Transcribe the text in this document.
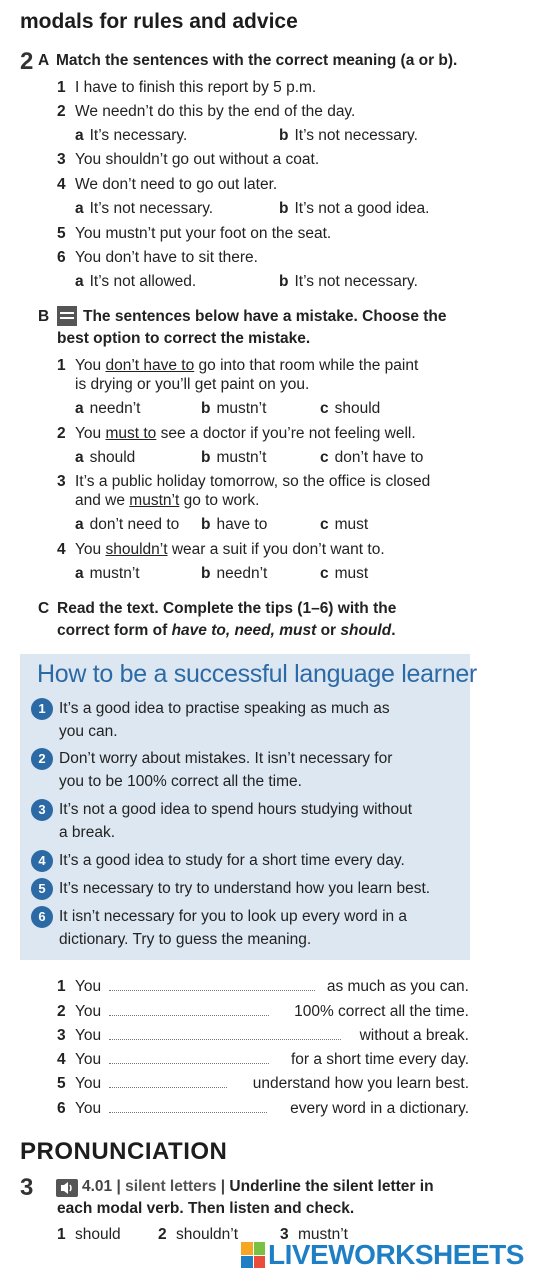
modals for rules and advice
2 A Match the sentences with the correct meaning (a or b).
1 I have to finish this report by 5 p.m.
2 We needn’t do this by the end of the day.
a It’s necessary.	b It’s not necessary.
3 You shouldn’t go out without a coat.
4 We don’t need to go out later.
a It’s not necessary.	b It’s not a good idea.
5 You mustn’t put your foot on the seat.
6 You don’t have to sit there.
a It’s not allowed.	b It’s not necessary.
B The sentences below have a mistake. Choose the
best option to correct the mistake.
1 You don’t have to go into that room while the paint
is drying or you’ll get paint on you.
a needn’t	b mustn’t	c should
2 You must to see a doctor if you’re not feeling well.
a should	b mustn’t	c don’t have to
3 It’s a public holiday tomorrow, so the office is closed
and we mustn’t go to work.
a don’t need to b have to	c must
4 You shouldn’t wear a suit if you don’t want to.
a mustn’t	b needn’t	c must
C Read the text. Complete the tips (1–6) with the
correct form of have to, need, must or should.
How to be a successful language learner
1 It’s a good idea to practise speaking as much as
you can.
2 Don’t worry about mistakes. It isn’t necessary for
you to be 100% correct all the time.
3 It’s not a good idea to spend hours studying without
a break.
4 It’s a good idea to study for a short time every day.
5 It’s necessary to try to understand how you learn best.
6 It isn’t necessary for you to look up every word in a
dictionary. Try to guess the meaning.
1 You	as much as you can.
2 You	100% correct all the time.
3 You	without a break.
4 You	for a short time every day.
5 You	understand how you learn best.
6 You	every word in a dictionary.
PRONUNCIATION
3	4.01 | silent letters | Underline the silent letter in
each modal verb. Then listen and check.
1 should 2 shouldn’t	3 mustn’t
LIVEWORKSHEETS
